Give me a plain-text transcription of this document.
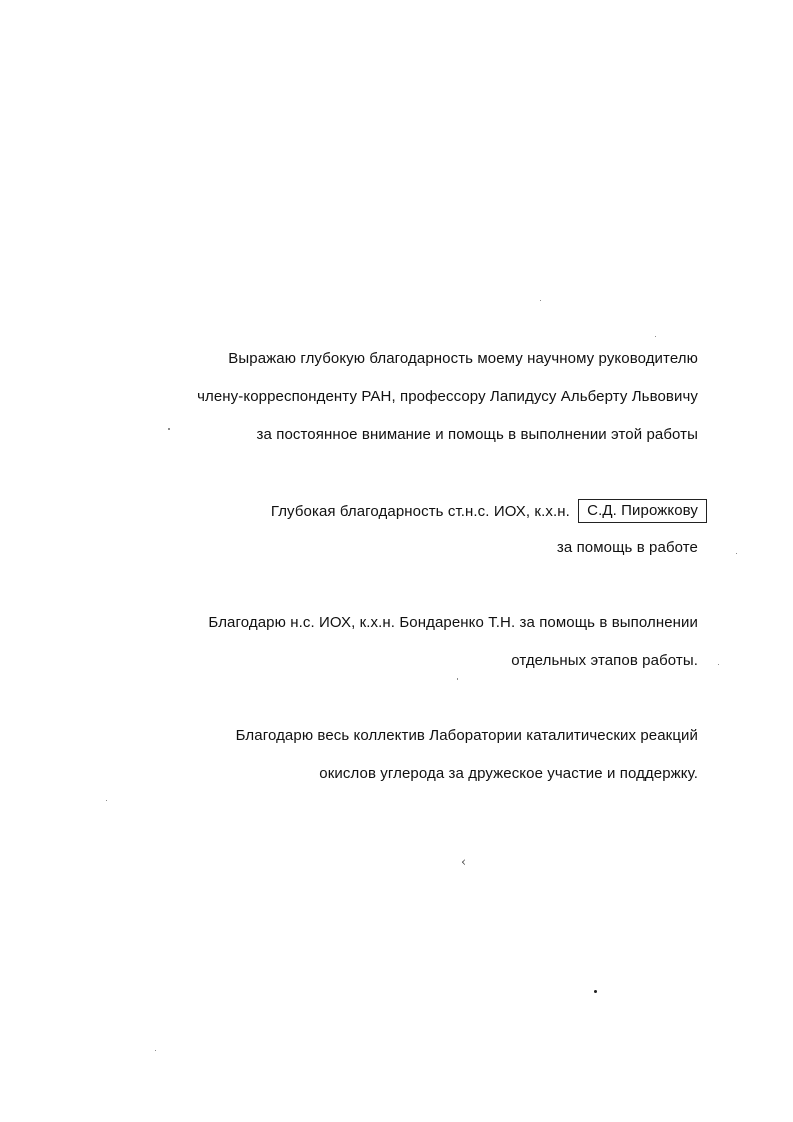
Выражаю глубокую благодарность моему научному руководителю
члену-корреспонденту РАН, профессору Лапидусу Альберту Львовичу
за постоянное внимание и помощь в выполнении этой работы
Глубокая благодарность ст.н.с. ИОХ, к.х.н. С.Д. Пирожкову
за помощь в работе
Благодарю н.с. ИОХ, к.х.н. Бондаренко Т.Н. за помощь в выполнении
отдельных этапов работы.
Благодарю весь коллектив Лаборатории каталитических реакций
окислов углерода за дружеское участие и поддержку.
‹
